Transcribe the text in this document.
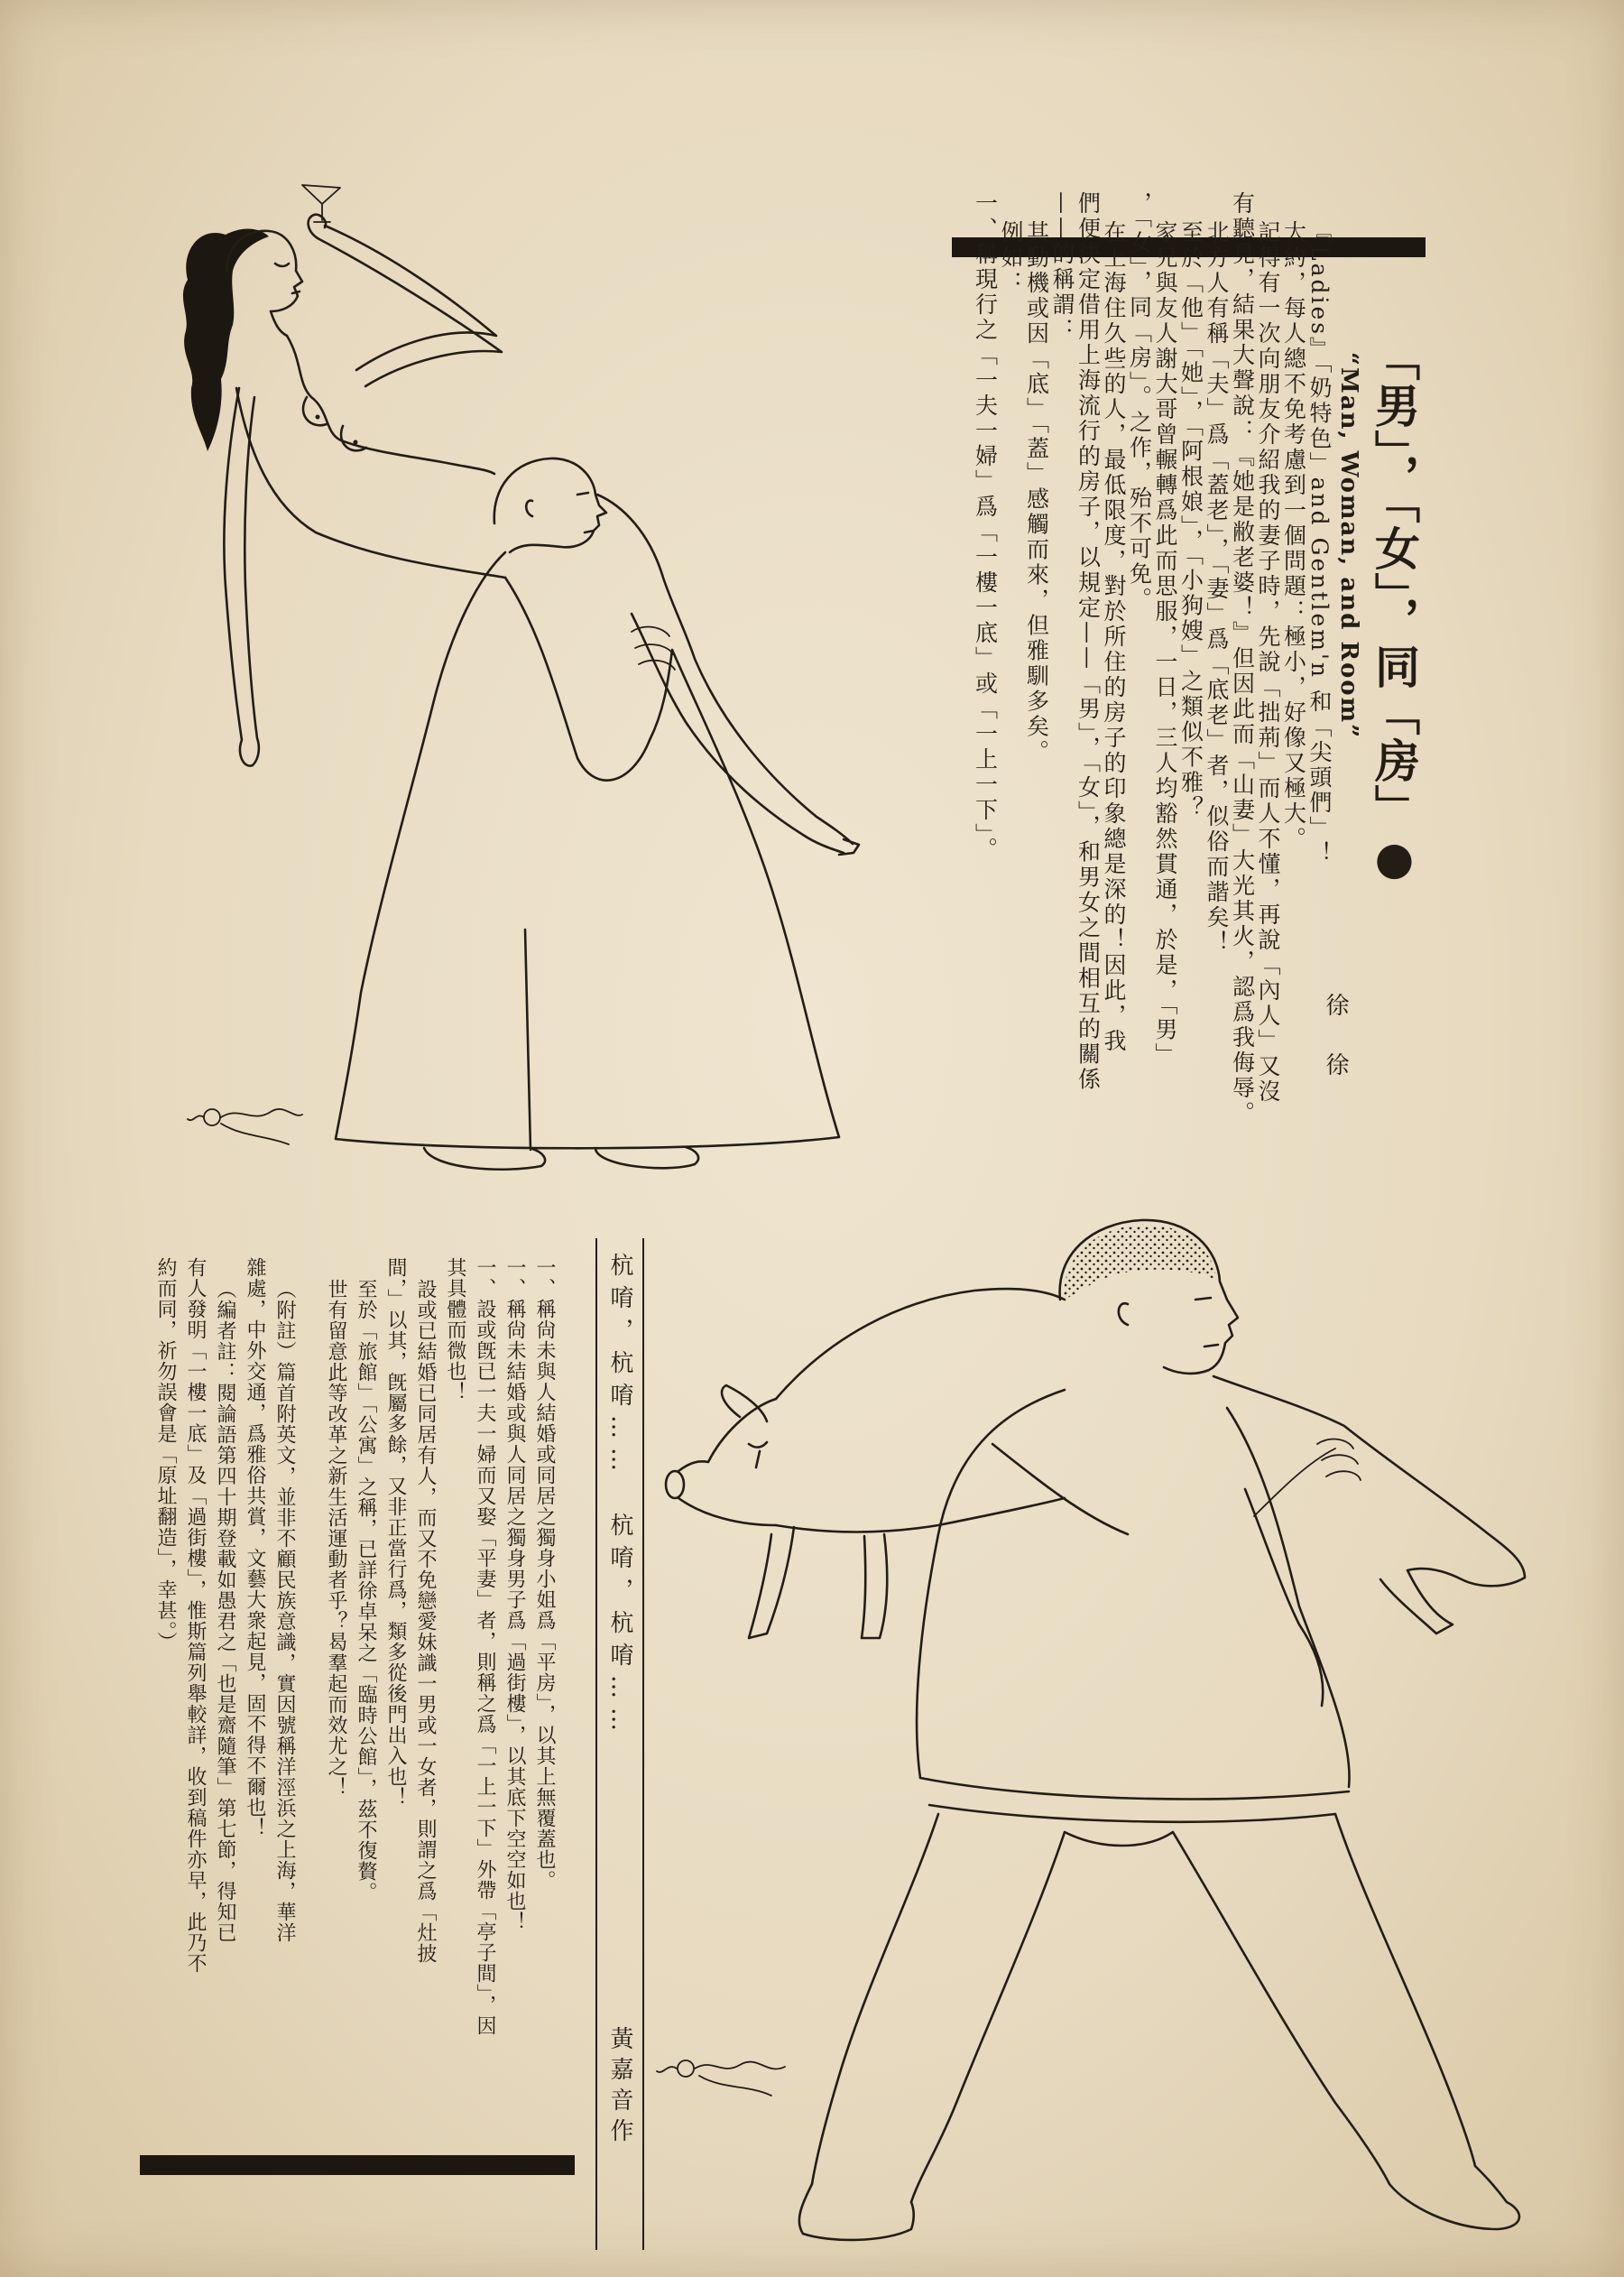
「男」，「女」，同「房」●
“Man, Woman, and Room”
徐徐

『Ladies』「奶特色」and Gentlem'n 和「尖頭們」！

大約，每人總不免考慮到一個問題：極小，好像又極大。

記得有一次向朋友介紹我的妻子時，先說「拙荊」而人不懂，再說「內人」又沒

有聽見，結果大聲說：『她是敝老婆！』但因此而「山妻」大光其火，認爲我侮辱。

北方人有稱「夫」爲「蓋老」，「妻」爲「底老」者，似俗而諧矣！

至於「他」「她」，「阿根娘」，「小狗嫂」之類似不雅？

家兄與友人謝大哥曾輾轉爲此而思服，一日，三人均豁然貫通，於是，「男」

，「女」，同「房」。之作，殆不可免。

在上海住久些的人，最低限度，對於所住的房子的印象總是深的！因此，我

們便決定借用上海流行的房子，以規定——「男」，「女」，和男女之間相互的關係

——的稱謂：

其動機或因「底」「蓋」感觸而來，但雅馴多矣。

例如：

一、稱現行之「一夫一婦」爲「一樓一底」或「一上一下」。

杭唷，杭唷……　杭唷，杭唷……
黃嘉音作

一、稱尙未與人結婚或同居之獨身小姐爲「平房」，以其上無覆蓋也。

一、稱尙未結婚或與人同居之獨身男子爲「過街樓」，以其底下空空如也！

一、設或旣已一夫一婦而又娶「平妻」者，則稱之爲「一上一下」外帶「亭子間」，因

其具體而微也！

設或已結婚已同居有人，而又不免戀愛妹識一男或一女者，則謂之爲「灶披

間，」以其，旣屬多餘，又非正當行爲，類多從後門出入也！

至於「旅館」「公寓」之稱，已詳徐卓呆之「臨時公館」，茲不復贅。

世有留意此等改革之新生活運動者乎？曷羣起而效尤之！

（附註）篇首附英文，並非不顧民族意識，實因號稱洋涇浜之上海，華洋

雜處，中外交通，爲雅俗共賞，文藝大衆起見，固不得不爾也！

（編者註：閱論語第四十期登載如愚君之「也是齋隨筆」第七節，得知已

有人發明「一樓一底」及「過街樓」，惟斯篇列舉較詳，收到稿件亦早，此乃不

約而同，祈勿誤會是「原址翻造」，幸甚。）
